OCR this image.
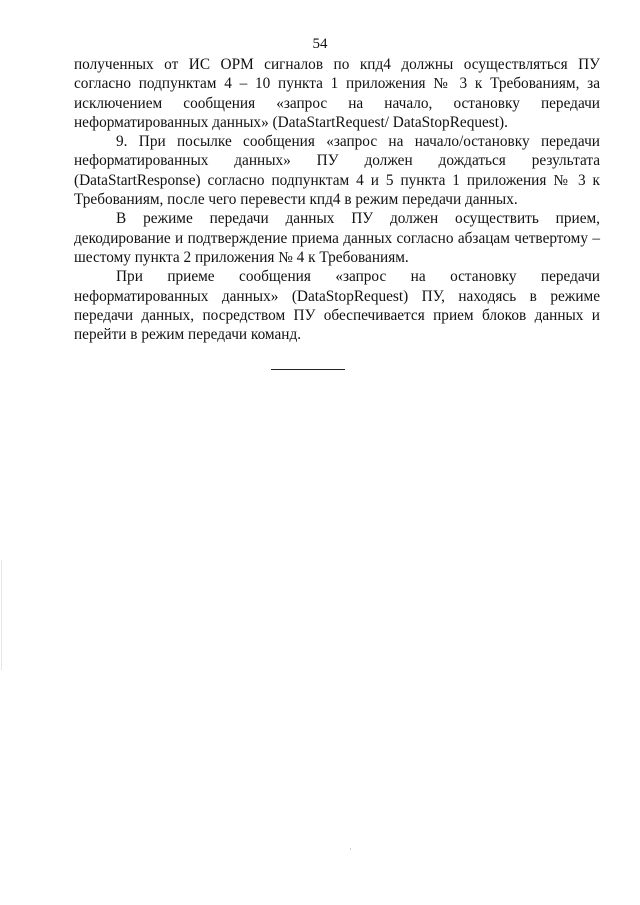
54

полученных от ИС ОРМ сигналов по кпд4 должны осуществляться ПУ согласно подпунктам 4 – 10 пункта 1 приложения № 3 к Требованиям, за исключением сообщения «запрос на начало, остановку передачи неформатированных данных» (DataStartRequest/ DataStopRequest).

9. При посылке сообщения «запрос на начало/остановку передачи неформатированных данных» ПУ должен дождаться результата (DataStartResponse) согласно подпунктам 4 и 5 пункта 1 приложения № 3 к Требованиям, после чего перевести кпд4 в режим передачи данных.

В режиме передачи данных ПУ должен осуществить прием, декодирование и подтверждение приема данных согласно абзацам четвертому – шестому пункта 2 приложения № 4 к Требованиям.

При приеме сообщения «запрос на остановку передачи неформатированных данных» (DataStopRequest) ПУ, находясь в режиме передачи данных, посредством ПУ обеспечивается прием блоков данных и перейти в режим передачи команд.
